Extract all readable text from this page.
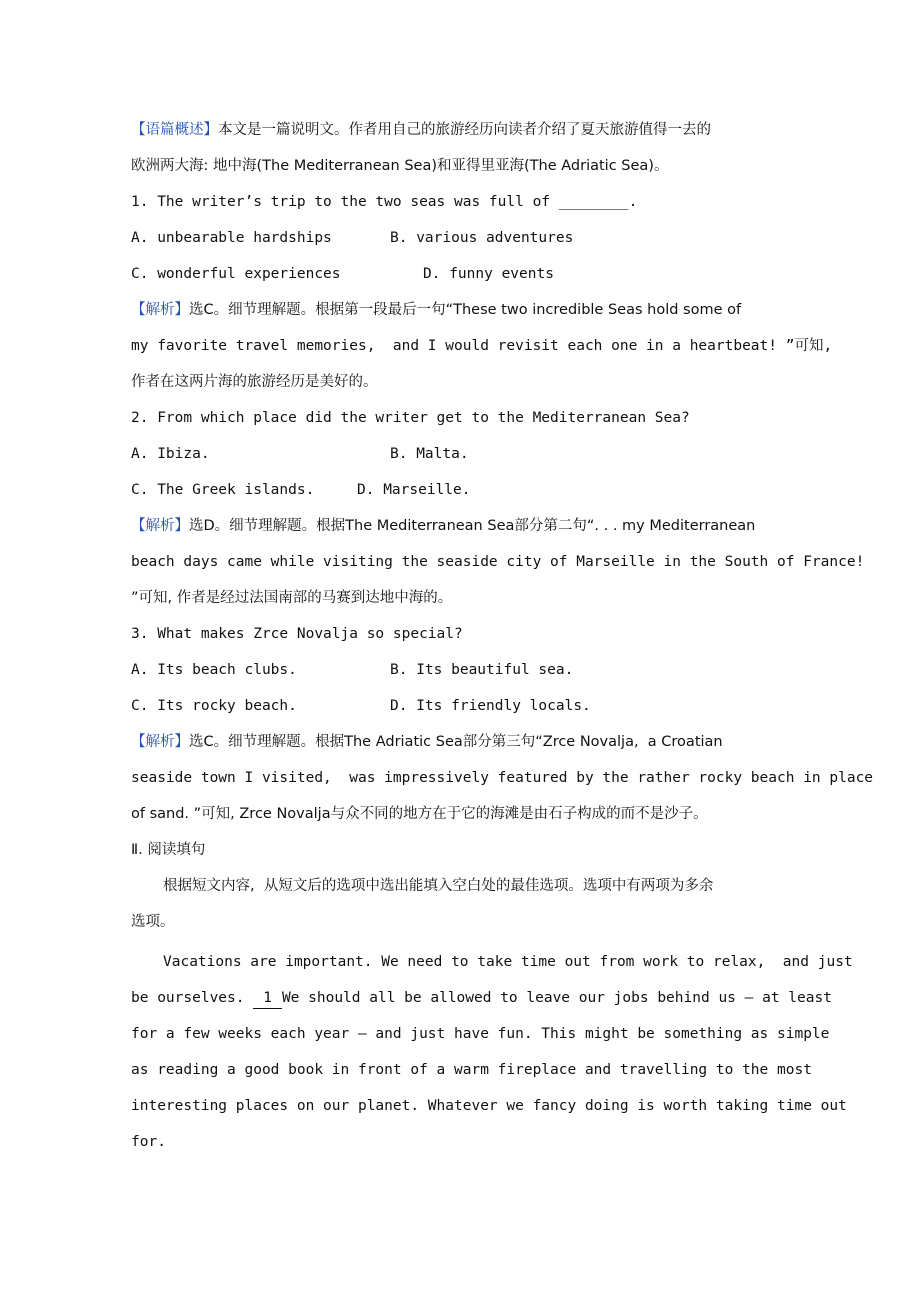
【语篇概述】本文是一篇说明文。作者用自己的旅游经历向读者介绍了夏天旅游值得一去的
欧洲两大海: 地中海(The Mediterranean Sea)和亚得里亚海(The Adriatic Sea)。
1. The writer’s trip to the two seas was full of ________.
A. unbearable hardships	B. various adventures
C. wonderful experiences	D. funny events
【解析】选C。细节理解题。根据第一段最后一句“These two incredible Seas hold some of
my favorite travel memories,  and I would revisit each one in a heartbeat! ”可知,
作者在这两片海的旅游经历是美好的。
2. From which place did the writer get to the Mediterranean Sea?
A. Ibiza.	B. Malta.
C. The Greek islands.	D. Marseille.
【解析】选D。细节理解题。根据The Mediterranean Sea部分第二句“. . . my Mediterranean
beach days came while visiting the seaside city of Marseille in the South of France!
”可知, 作者是经过法国南部的马赛到达地中海的。
3. What makes Zrce Novalja so special?
A. Its beach clubs.	B. Its beautiful sea.
C. Its rocky beach.	D. Its friendly locals.
【解析】选C。细节理解题。根据The Adriatic Sea部分第三句“Zrce Novalja,  a Croatian
seaside town I visited,  was impressively featured by the rather rocky beach in place
of sand. ”可知, Zrce Novalja与众不同的地方在于它的海滩是由石子构成的而不是沙子。
Ⅱ. 阅读填句
根据短文内容,  从短文后的选项中选出能填入空白处的最佳选项。选项中有两项为多余
选项。
Vacations are important. We need to take time out from work to relax,  and just
be ourselves. 1 We should all be allowed to leave our jobs behind us — at least
for a few weeks each year — and just have fun. This might be something as simple
as reading a good book in front of a warm fireplace and travelling to the most
interesting places on our planet. Whatever we fancy doing is worth taking time out
for.
